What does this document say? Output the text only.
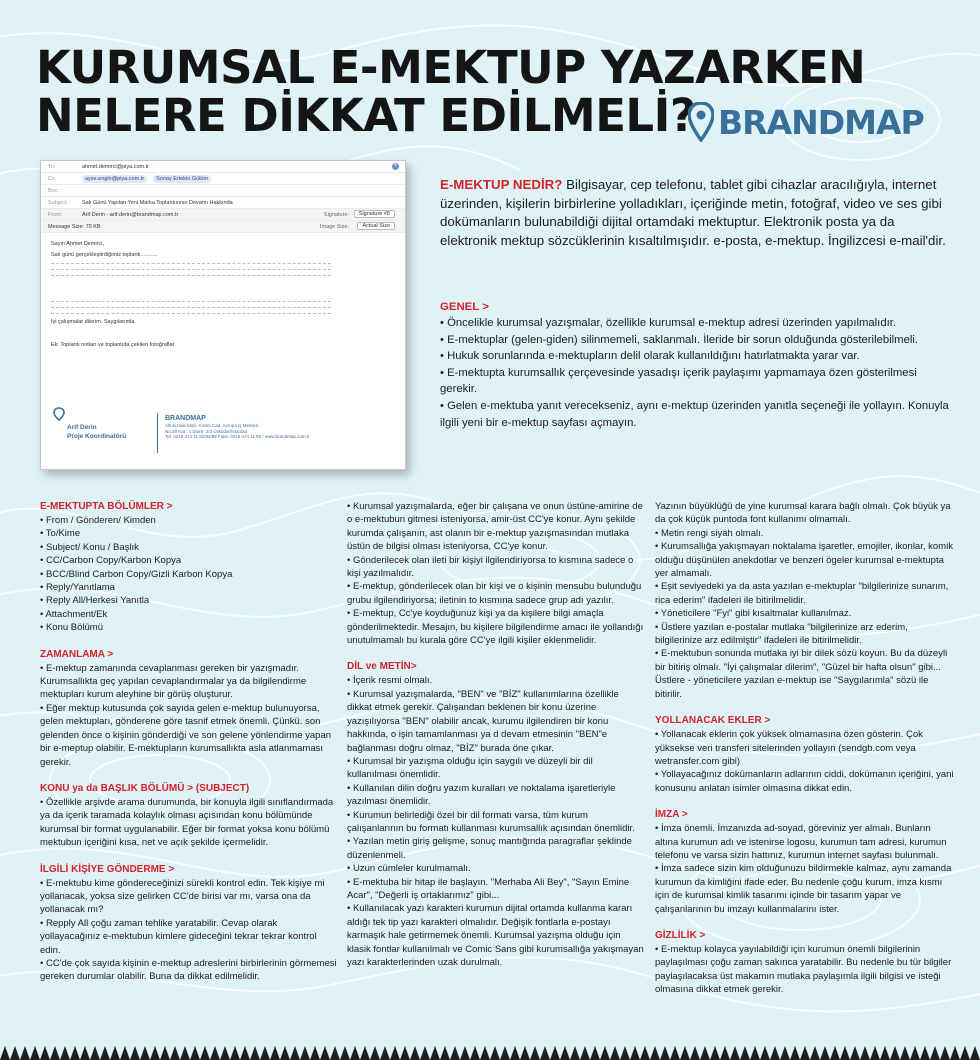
KURUMSAL E-MEKTUP YAZARKEN
NELERE DİKKAT EDİLMELİ? BRANDMAP
To:	ahmet.demirci@piya.com.tr	+
Cc:	ayse.engin@piya.com.tr	Sonay Ertekin Gülüm
Bcc:
Subject:	Salı Günü Yapılan Yeni Marka Toplantısının Devamı Hakkında
From:	Arif Derin - arif.derin@brandmap.com.tr	Signature:	Signature #8
Message Size: 70 KB	Image Size:	Actual Size

Sayın Ahmet Demirci,

Salı günü gerçekleştirdiğimiz toplantı...........

İyi çalışmalar dilerim. Saygılarımla.

Ek: Toplantı notları ve toplantıda çekilen fotoğraflar

Arif Derin
Proje Koordinatörü
BRANDMAP
Altunizade Mah. Kısıklı Cad. Avrupa İş Merkezi
No:28 Kat : 1 Daire: 2/3 Üsküdar/İstanbul
Tel: 0216 474 11 82/84/85 Faks: 0216 474 11 83 / www.brandmap.com.tr

E-MEKTUP NEDİR? Bilgisayar, cep telefonu, tablet gibi cihazlar aracılığıyla, internet üzerinden, kişilerin birbirlerine yolladıkları, içeriğinde metin, fotoğraf, video ve ses gibi dokümanların bulunabildiği dijital ortamdaki mektuptur. Elektronik posta ya da elektronik mektup sözcüklerinin kısaltılmışıdır. e-posta, e-mektup. İngilizcesi e-mail'dir.

GENEL >
• Öncelikle kurumsal yazışmalar, özellikle kurumsal e-mektup adresi üzerinden yapılmalıdır.
• E-mektuplar (gelen-giden) silinmemeli, saklanmalı. İleride bir sorun olduğunda gösterilebilmeli.
• Hukuk sorunlarında e-mektupların delil olarak kullanıldığını hatırlatmakta yarar var.
• E-mektupta kurumsallık çerçevesinde yasadışı içerik paylaşımı yapmamaya özen gösterilmesi gerekir.
• Gelen e-mektuba yanıt verecekseniz, aynı e-mektup üzerinden yanıtla seçeneği ile yollayın. Konuyla ilgili yeni bir e-mektup sayfası açmayın.
E-MEKTUPTA BÖLÜMLER >
• From / Gönderen/ Kimden
• To/Kime
• Subject/ Konu / Başlık
• CC/Carbon Copy/Karbon Kopya
• BCC/Blind Carbon Copy/Gizli Karbon Kopya
• Reply/Yanıtlama
• Reply All/Herkesi Yanıtla
• Attachment/Ek
• Konu Bölümü
ZAMANLAMA >
• E-mektup zamanında cevaplanması gereken bir yazışmadır. Kurumsallıkta geç yapılan cevaplandırmalar ya da bilgilendirme mektupları kurum aleyhine bir görüş oluşturur.
• Eğer mektup kutusunda çok sayıda gelen e-mektup bulunuyorsa, gelen mektupları, gönderene göre tasnif etmek önemli. Çünkü. son gelenden önce o kişinin gönderdiği ve son gelene yönlendirme yapan bir e-meptup olabilir. E-mektupların kurumsallıkta asla atlanmaması gerekir.
KONU ya da BAŞLIK BÖLÜMÜ > (SUBJECT)
• Özellikle arşivde arama durumunda, bir konuyla ilgili sınıflandırmada ya da içerik taramada kolaylık olması açısından konu bölümünde kurumsal bir format uygulanabilir. Eğer bir format yoksa konu bölümü mektubun içeriğini kısa, net ve açık şekilde içermelidir.
İLGİLİ KİŞİYE GÖNDERME >
• E-mektubu kime göndereceğinizi sürekli kontrol edin. Tek kişiye mi yollanacak, yoksa size gelirken CC'de birisi var mı, varsa ona da yollanacak mı?
• Repply All çoğu zaman tehlike yaratabilir. Cevap olarak yollayacağınız e-mektubun kimlere gideceğini tekrar tekrar kontrol edin.
• CC'de çok sayıda kişinin e-mektup adreslerini birbirlerinin görmemesi gereken durumlar olabilir. Buna da dikkat edilmelidir.
• Kurumsal yazışmalarda, eğer bir çalışana ve onun üstüne-amirine de o e-mektubun gitmesi isteniyorsa, amir-üst CC'ye konur. Aynı şekilde kurumda çalışanın, ast olanın bir e-mektup yazışmasından mutlaka üstün de bilgisi olması isteniyorsa, CC'ye konur.
• Gönderilecek olan ileti bir kişiyi ilgilendiriyorsa to kısmına sadece o kişi yazılmalıdır.
• E-mektup, gönderilecek olan bir kişi ve o kişinin mensubu bulunduğu grubu ilgilendiriyorsa; iletinin to kısmına sadece grup adı yazılır.
• E-mektup, Cc'ye koyduğunuz kişi ya da kişilere bilgi amaçla gönderilmektedir. Mesajın, bu kişilere bilgilendirme amacı ile yollandığı unutulmamalı bu kurala göre CC'ye ilgili kişiler eklenmelidir.
DİL ve METİN>
• İçerik resmi olmalı.
• Kurumsal yazışmalarda, "BEN" ve "BİZ" kullanımlarına özellikle dikkat etmek gerekir. Çalışandan beklenen bir konu üzerine yazışılıyorsa "BEN" olabilir ancak, kurumu ilgilendiren bir konu hakkında, o işin tamamlanması ya d devam etmesinin "BEN"e bağlanması doğru olmaz, "BİZ" burada öne çıkar.
• Kurumsal bir yazışma olduğu için saygılı ve düzeyli bir dil kullanılması önemlidir.
• Kullanılan dilin doğru yazım kuralları ve noktalama işaretleriyle yazılması önemlidir.
• Kurumun belirlediği özel bir dil formatı varsa, tüm kurum çalışanlarının bu formatı kullanması kurumsallık açısından önemlidir.
• Yazılan metin giriş gelişme, sonuç mantığında paragraflar şeklinde düzenlenmeli.
• Uzun cümleler kurulmamalı.
• E-mektuba bir hitap ile başlayın. "Merhaba Ali Bey", "Sayın Emine Acar", "Değerli iş ortaklarımız" gibi...
• Kullanılacak yazı karakteri kurumun dijital ortamda kullanma kararı aldığı tek tip yazı karakteri olmalıdır. Değişik fontlarla e-postayı karmaşık hale getirmemek önemli. Kurumsal yazışma olduğu için klasik fontlar kullanılmalı ve Comic Sans gibi kurumsallığa yakışmayan yazı karakterlerinden uzak durulmalı.
Yazının büyüklüğü de yine kurumsal karara bağlı olmalı. Çok büyük ya da çok küçük puntoda font kullanımı olmamalı.
• Metin rengi siyah olmalı.
• Kurumsallığa yakışmayan noktalama işaretler, emojiler, ikonlar, komik olduğu düşünülen anekdotlar ve benzeri ögeler kurumsal e-mektupta yer almamalı.
• Eşit seviyedeki ya da asta yazılan e-mektuplar "bilgilerinize sunarım, rica ederim" ifadeleri ile bitirilmelidir.
• Yöneticilere "Fyi" gibi kısaltmalar kullanılmaz.
• Üstlere yazılan e-postalar mutlaka "bilgilerinize arz ederim, bilgilerinize arz edilmiştir" ifadeleri ile bitirilmelidir.
• E-mektubun sonunda mutlaka iyi bir dilek sözü koyun. Bu da düzeyli bir bitiriş olmalı. "İyi çalışmalar dilerim", "Güzel bir hafta olsun" gibi... Üstlere - yöneticilere yazılan e-mektup ise "Saygılarımla" sözü ile bitirilir.
YOLLANACAK EKLER >
• Yollanacak eklerin çok yüksek olmamasına özen gösterin. Çok yüksekse veri transferi sitelerinden yollayın (sendgb.com veya wetransfer.com gibi)
• Yollayacağınız dokümanların adlarının ciddi, dokümanın içeriğini, yani konusunu anlatan isimler olmasına dikkat edin.
İMZA >
• İmza önemli. İmzanızda ad-soyad, göreviniz yer almalı. Bunların altına kurumun adı ve istenirse logosu, kurumun tam adresi, kurumun telefonu ve varsa sizin hattınız, kurumun internet sayfası bulunmalı.
• İmza sadece sizin kim olduğunuzu bildirmekle kalmaz, aynı zamanda kurumun da kimliğini ifade eder. Bu nedenle çoğu kurum, imza kısmı için de kurumsal kimlik tasarımı içinde bir tasarım yapar ve çalışanlarının bu imzayı kullanmalarını ister.
GİZLİLİK >
• E-mektup kolayca yayılabildiği için kurumun önemli bilgilerinin paylaşılması çoğu zaman sakınca yaratabilir. Bu nedenle bu tür bilgiler paylaşılacaksa üst makamın mutlaka paylaşımla ilgili bilgisi ve isteği olmasına dikkat etmek gerekir.
